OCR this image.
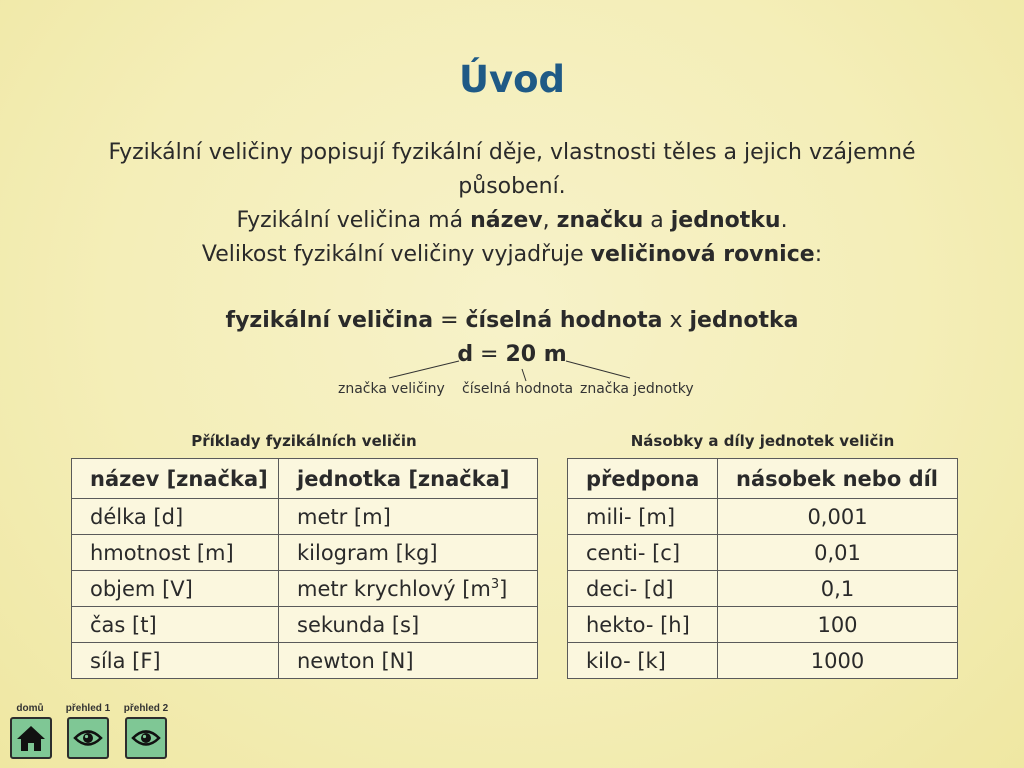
Úvod
Fyzikální veličiny popisují fyzikální děje, vlastnosti těles a jejich vzájemné
působení.
Fyzikální veličina má název, značku a jednotku.
Velikost fyzikální veličiny vyjadřuje veličinová rovnice:
fyzikální veličina = číselná hodnota x jednotka
d = 20 m
značka veličiny číselná hodnota značka jednotky
Příklady fyzikálních veličin
název [značka]	jednotka [značka]
délka [d]	metr [m]
hmotnost [m]	kilogram [kg]
objem [V]	metr krychlový $[m^3]$
čas [t]	sekunda [s]
síla [F]	newton [N]
Násobky a díly jednotek veličin
předpona	násobek nebo díl
mili- [m]	0,001
centi- [c]	0,01
deci- [d]	0,1
hekto- [h]	100
kilo- [k]	1000
domů	přehled 1	přehled 2
